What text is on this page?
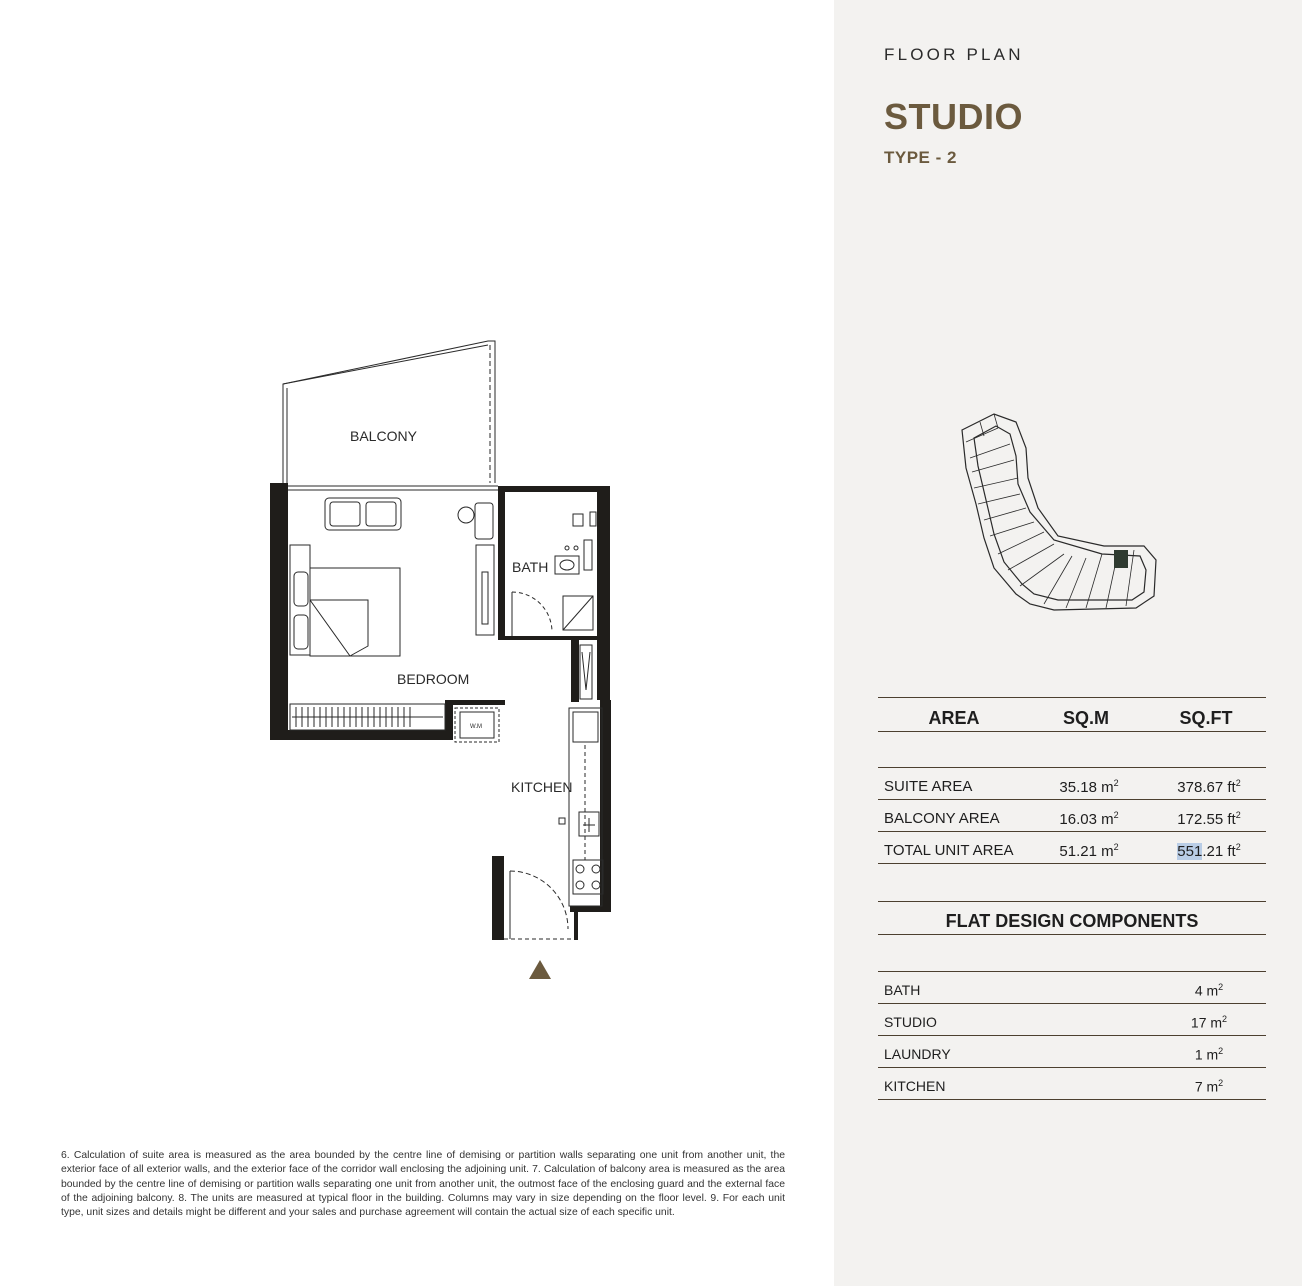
BALCONY
BATH
BEDROOM
KITCHEN
W.M
6. Calculation of suite area is measured as the area bounded by the centre line of demising or partition walls separating one unit from another unit, the exterior face of all exterior walls, and the exterior face of the corridor wall enclosing the adjoining unit. 7. Calculation of balcony area is measured as the area bounded by the centre line of demising or partition walls separating one unit from another unit, the outmost face of the enclosing guard and the external face of the adjoining balcony. 8. The units are measured at typical floor in the building. Columns may vary in size depending on the floor level. 9. For each unit type, unit sizes and details might be different and your sales and purchase agreement will contain the actual size of each specific unit.
FLOOR PLAN
STUDIO
TYPE - 2
AREA	SQ.M	SQ.FT
SUITE AREA	35.18 $m^2$	378.67 $ft^2$
BALCONY AREA	16.03 $m^2$	172.55 $ft^2$
TOTAL UNIT AREA	51.21 $m^2$	551.21 $ft^2$
FLAT DESIGN COMPONENTS
BATH	4 $m^2$
STUDIO	17 $m^2$
LAUNDRY	1 $m^2$
KITCHEN	7 $m^2$
